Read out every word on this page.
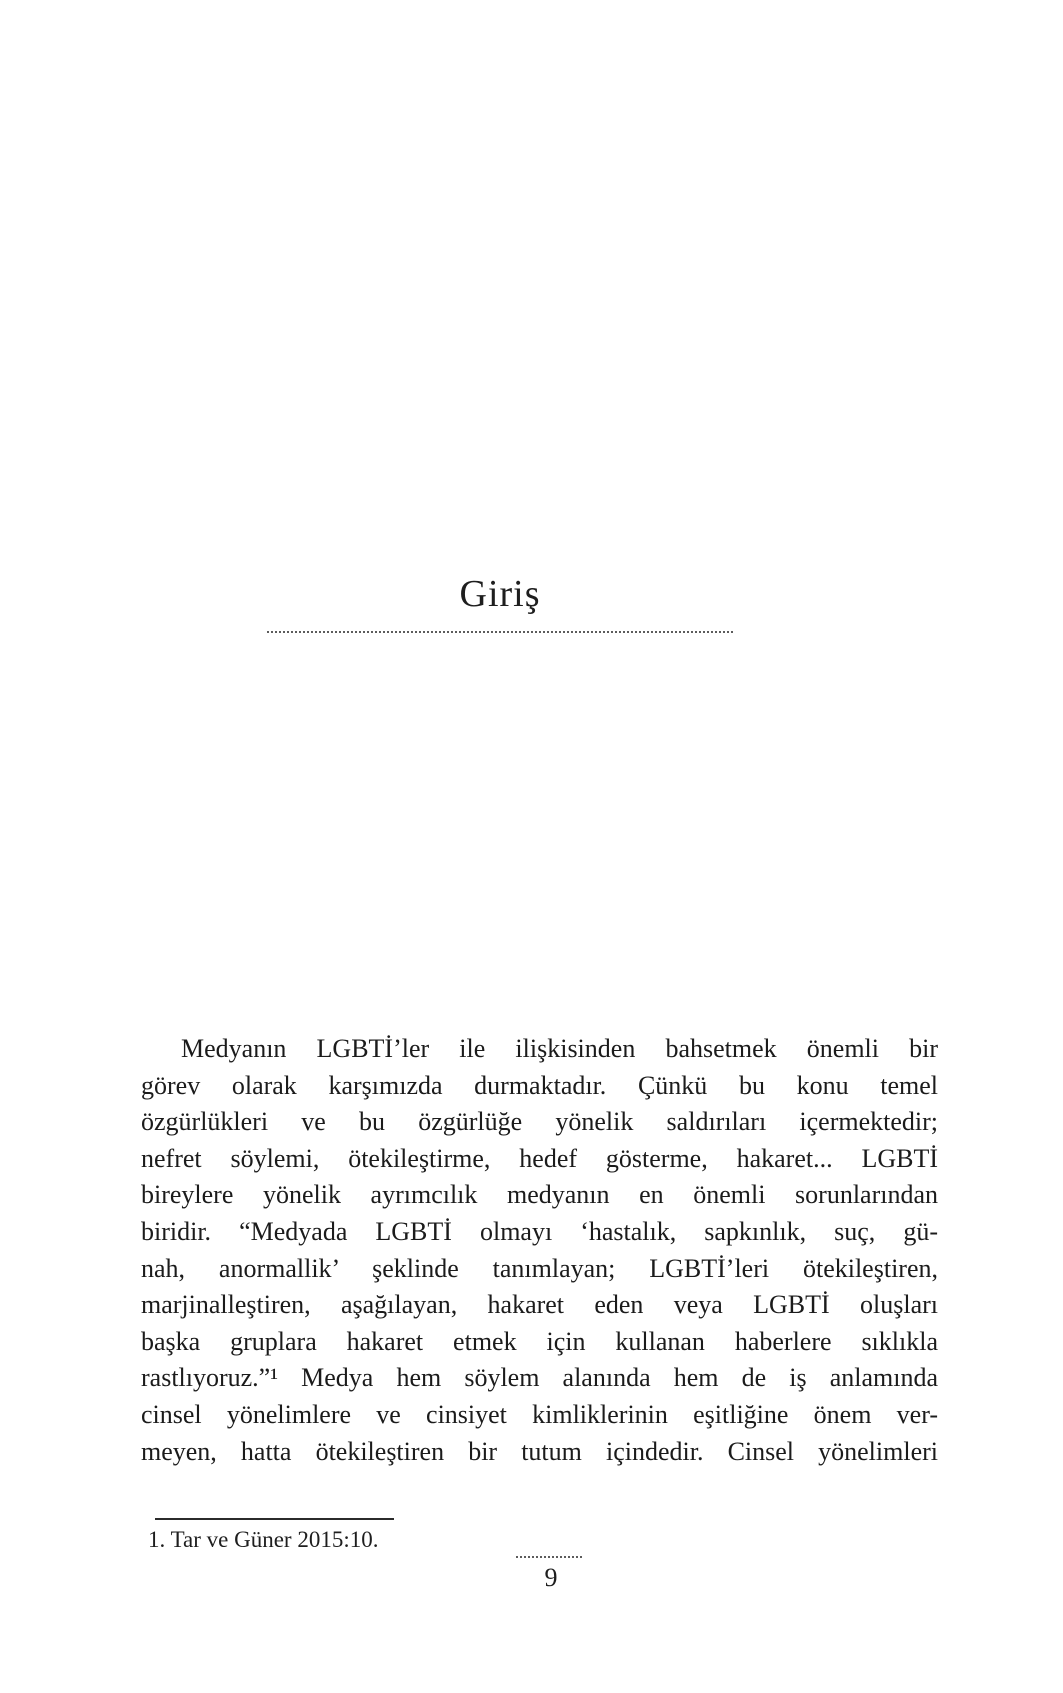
Giriş
Medyanın LGBTİ’ler ile ilişkisinden bahsetmek önemli bir
görev olarak karşımızda durmaktadır. Çünkü bu konu temel
özgürlükleri ve bu özgürlüğe yönelik saldırıları içermektedir;
nefret söylemi, ötekileştirme, hedef gösterme, hakaret... LGBTİ
bireylere yönelik ayrımcılık medyanın en önemli sorunlarından
biridir. “Medyada LGBTİ olmayı ‘hastalık, sapkınlık, suç, gü-
nah, anormallik’ şeklinde tanımlayan; LGBTİ’leri ötekileştiren,
marjinalleştiren, aşağılayan, hakaret eden veya LGBTİ oluşları
başka gruplara hakaret etmek için kullanan haberlere sıklıkla
rastlıyoruz.”¹ Medya hem söylem alanında hem de iş anlamında
cinsel yönelimlere ve cinsiyet kimliklerinin eşitliğine önem ver-
meyen, hatta ötekileştiren bir tutum içindedir. Cinsel yönelimleri
1. Tar ve Güner 2015:10.
9
